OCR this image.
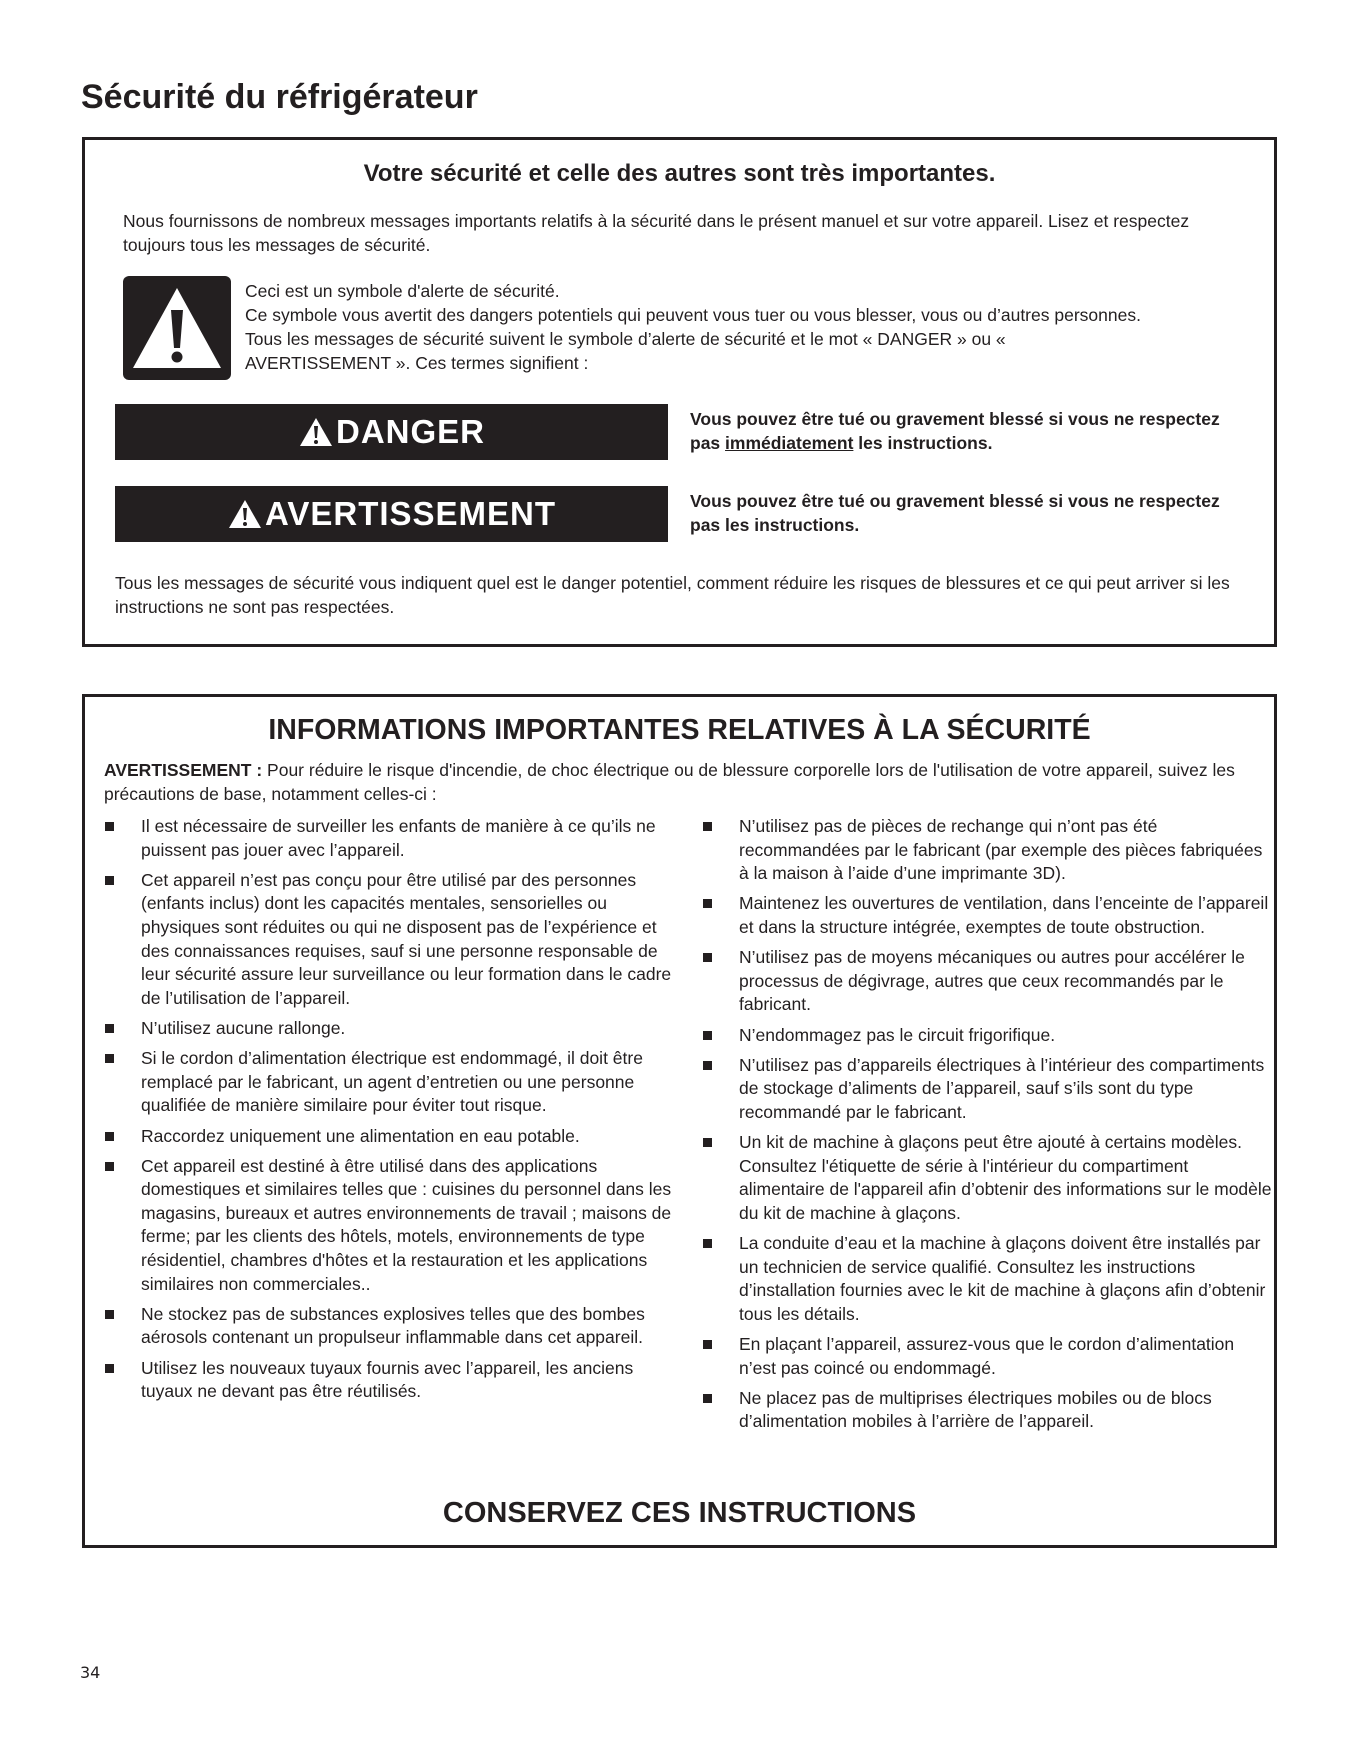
Sécurité du réfrigérateur
Votre sécurité et celle des autres sont très importantes.

Nous fournissons de nombreux messages importants relatifs à la sécurité dans le présent manuel et sur votre appareil. Lisez et respectez toujours tous les messages de sécurité.

Ceci est un symbole d'alerte de sécurité.

Ce symbole vous avertit des dangers potentiels qui peuvent vous tuer ou vous blesser, vous ou d’autres personnes.

Tous les messages de sécurité suivent le symbole d’alerte de sécurité et le mot « DANGER » ou « AVERTISSEMENT ». Ces termes signifient :

DANGER	Vous pouvez être tué ou gravement blessé si vous ne respectez pas immédiatement les instructions.

AVERTISSEMENT	Vous pouvez être tué ou gravement blessé si vous ne respectez pas les instructions.

Tous les messages de sécurité vous indiquent quel est le danger potentiel, comment réduire les risques de blessures et ce qui peut arriver si les instructions ne sont pas respectées.

INFORMATIONS IMPORTANTES RELATIVES À LA SÉCURITÉ

AVERTISSEMENT : Pour réduire le risque d'incendie, de choc électrique ou de blessure corporelle lors de l'utilisation de votre appareil, suivez les précautions de base, notamment celles-ci :

Il est nécessaire de surveiller les enfants de manière à ce qu’ils ne puissent pas jouer avec l’appareil.
Cet appareil n’est pas conçu pour être utilisé par des personnes (enfants inclus) dont les capacités mentales, sensorielles ou physiques sont réduites ou qui ne disposent pas de l’expérience et des connaissances requises, sauf si une personne responsable de leur sécurité assure leur surveillance ou leur formation dans le cadre de l’utilisation de l’appareil.
N’utilisez aucune rallonge.
Si le cordon d’alimentation électrique est endommagé, il doit être remplacé par le fabricant, un agent d’entretien ou une personne qualifiée de manière similaire pour éviter tout risque.
Raccordez uniquement une alimentation en eau potable.
Cet appareil est destiné à être utilisé dans des applications domestiques et similaires telles que : cuisines du personnel dans les magasins, bureaux et autres environnements de travail ; maisons de ferme; par les clients des hôtels, motels, environnements de type résidentiel, chambres d'hôtes et la restauration et les applications similaires non commerciales..
Ne stockez pas de substances explosives telles que des bombes aérosols contenant un propulseur inflammable dans cet appareil.
Utilisez les nouveaux tuyaux fournis avec l’appareil, les anciens tuyaux ne devant pas être réutilisés.
N’utilisez pas de pièces de rechange qui n’ont pas été recommandées par le fabricant (par exemple des pièces fabriquées à la maison à l’aide d’une imprimante 3D).
Maintenez les ouvertures de ventilation, dans l’enceinte de l’appareil et dans la structure intégrée, exemptes de toute obstruction.
N’utilisez pas de moyens mécaniques ou autres pour accélérer le processus de dégivrage, autres que ceux recommandés par le fabricant.
N’endommagez pas le circuit frigorifique.
N’utilisez pas d’appareils électriques à l’intérieur des compartiments de stockage d’aliments de l’appareil, sauf s’ils sont du type recommandé par le fabricant.
Un kit de machine à glaçons peut être ajouté à certains modèles. Consultez l'étiquette de série à l'intérieur du compartiment alimentaire de l'appareil afin d’obtenir des informations sur le modèle du kit de machine à glaçons.
La conduite d’eau et la machine à glaçons doivent être installés par un technicien de service qualifié. Consultez les instructions d’installation fournies avec le kit de machine à glaçons afin d’obtenir tous les détails.
En plaçant l’appareil, assurez-vous que le cordon d’alimentation n’est pas coincé ou endommagé.
Ne placez pas de multiprises électriques mobiles ou de blocs d’alimentation mobiles à l’arrière de l’appareil.
CONSERVEZ CES INSTRUCTIONS
34
